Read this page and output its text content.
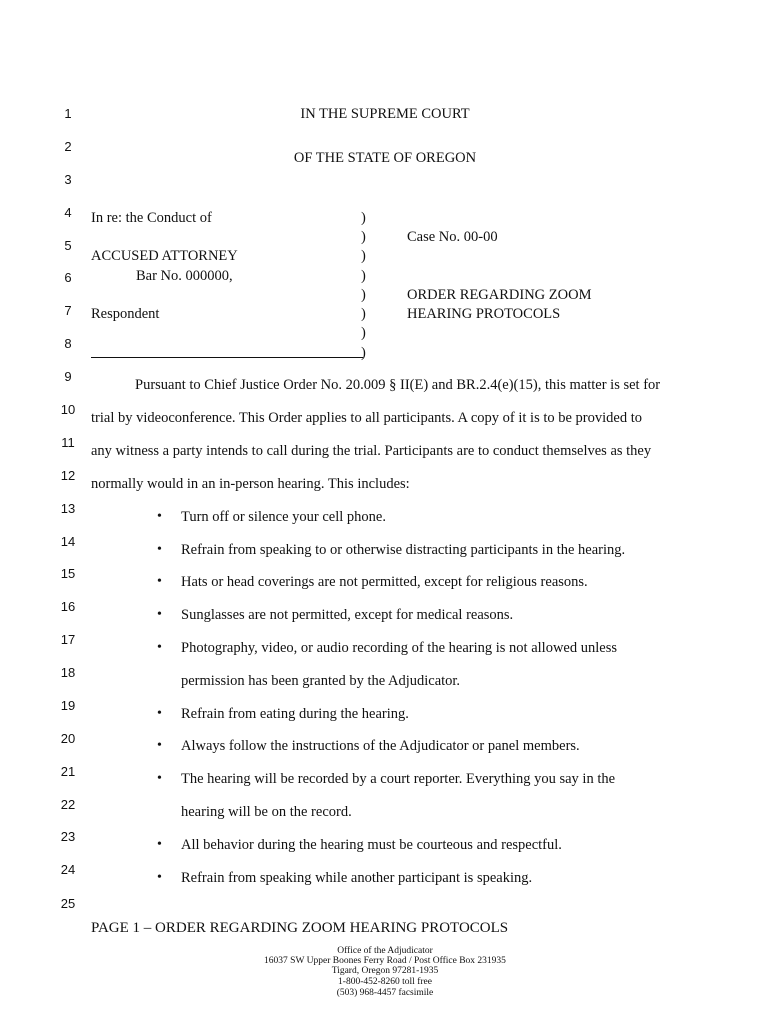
1
2
3
4
5
6
7
8
9
10
11
12
13
14
15
16
17
18
19
20
21
22
23
24
25
IN THE SUPREME COURT
OF THE STATE OF OREGON
In re: the Conduct of
ACCUSED ATTORNEY
Bar No. 000000,
Respondent
)
)
)
)
)
)
)
)
Case No. 00-00
ORDER REGARDING ZOOM
HEARING PROTOCOLS
Pursuant to Chief Justice Order No. 20.009 § II(E) and BR.2.4(e)(15), this matter is set for
trial by videoconference. This Order applies to all participants. A copy of it is to be provided to
any witness a party intends to call during the trial. Participants are to conduct themselves as they
normally would in an in-person hearing. This includes:
• Turn off or silence your cell phone.
• Refrain from speaking to or otherwise distracting participants in the hearing.
• Hats or head coverings are not permitted, except for religious reasons.
• Sunglasses are not permitted, except for medical reasons.
• Photography, video, or audio recording of the hearing is not allowed unless
permission has been granted by the Adjudicator.
• Refrain from eating during the hearing.
• Always follow the instructions of the Adjudicator or panel members.
• The hearing will be recorded by a court reporter. Everything you say in the
hearing will be on the record.
• All behavior during the hearing must be courteous and respectful.
• Refrain from speaking while another participant is speaking.
PAGE 1 – ORDER REGARDING ZOOM HEARING PROTOCOLS
Office of the Adjudicator
16037 SW Upper Boones Ferry Road / Post Office Box 231935
Tigard, Oregon 97281-1935
1-800-452-8260 toll free
(503) 968-4457 facsimile
